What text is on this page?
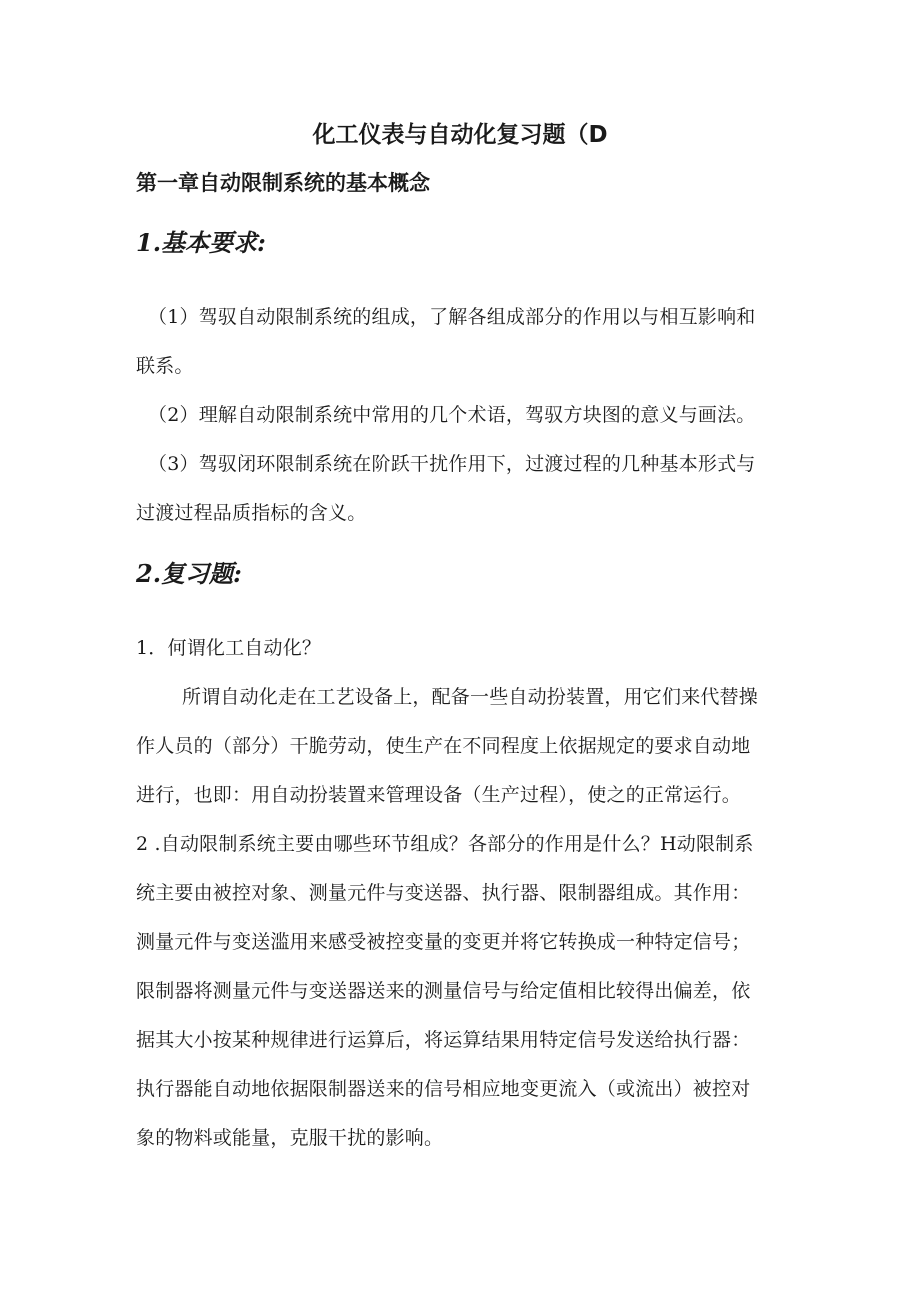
化工仪表与自动化复习题（D
第一章自动限制系统的基本概念
1.基本要求:

（1）驾驭自动限制系统的组成，了解各组成部分的作用以与相互影响和

联系。

（2）理解自动限制系统中常用的几个术语，驾驭方块图的意义与画法。

（3）驾驭闭环限制系统在阶跃干扰作用下，过渡过程的几种基本形式与

过渡过程品质指标的含义。

2.复习题:

1．何谓化工自动化？

所谓自动化走在工艺设备上，配备一些自动扮装置，用它们来代替操

作人员的（部分）干脆劳动，使生产在不同程度上依据规定的要求自动地

进行，也即：用自动扮装置来管理设备（生产过程），使之的正常运行。

2 .自动限制系统主要由哪些环节组成？各部分的作用是什么？H动限制系

统主要由被控对象、测量元件与变送器、执行器、限制器组成。其作用：

测量元件与变送滥用来感受被控变量的变更并将它转换成一种特定信号；

限制器将测量元件与变送器送来的测量信号与给定值相比较得出偏差，依

据其大小按某种规律进行运算后，将运算结果用特定信号发送给执行器：

执行器能自动地依据限制器送来的信号相应地变更流入（或流出）被控对

象的物料或能量，克服干扰的影响。
